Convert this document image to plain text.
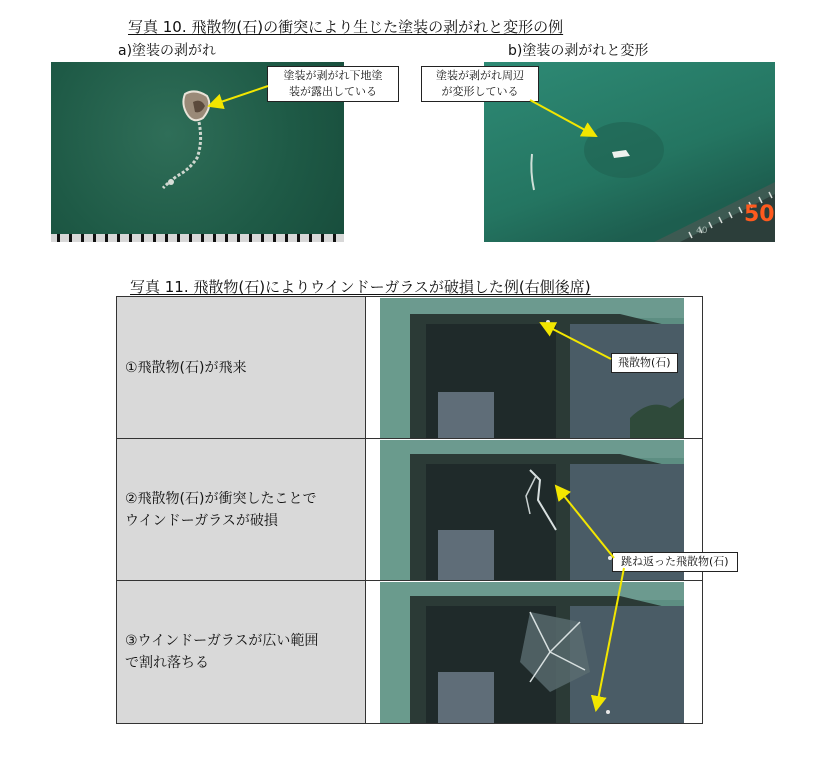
写真 10. 飛散物(石)の衝突により生じた塗装の剥がれと変形の例
a)塗装の剥がれ	b)塗装の剥がれと変形
50
40
塗装が剥がれ下地塗
装が露出している
塗装が剥がれ周辺
が変形している
写真 11. 飛散物(石)によりウインドーガラスが破損した例(右側後席)
①飛散物(石)が飛来

②飛散物(石)が衝突したことで
ウインドーガラスが破損

③ウインドーガラスが広い範囲
で割れ落ちる

飛散物(石)
跳ね返った飛散物(石)
